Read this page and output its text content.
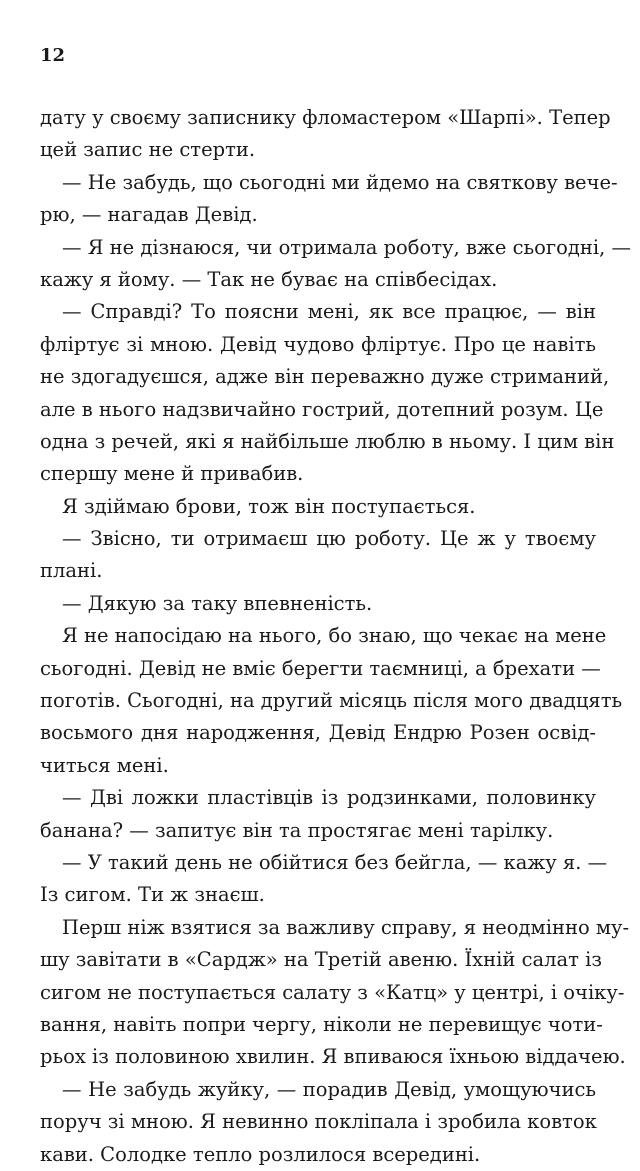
12
дату у своєму записнику фломастером «Шарпі». Тепер
цей запис не стерти.
— Не забудь, що сьогодні ми йдемо на святкову вече-
рю, — нагадав Девід.
— Я не дізнаюся, чи отримала роботу, вже сьогодні, —
кажу я йому. — Так не буває на співбесідах.
— Справді? То поясни мені, як все працює, — він
фліртує зі мною. Девід чудово фліртує. Про це навіть
не здогадуєшся, адже він переважно дуже стриманий,
але в нього надзвичайно гострий, дотепний розум. Це
одна з речей, які я найбільше люблю в ньому. І цим він
спершу мене й привабив.
Я здіймаю брови, тож він поступається.
— Звісно, ти отримаєш цю роботу. Це ж у твоєму
плані.
— Дякую за таку впевненість.
Я не напосідаю на нього, бо знаю, що чекає на мене
сьогодні. Девід не вміє берегти таємниці, а брехати —
поготів. Сьогодні, на другий місяць після мого двадцять
восьмого дня народження, Девід Ендрю Розен освід-
читься мені.
— Дві ложки пластівців із родзинками, половинку
банана? — запитує він та простягає мені тарілку.
— У такий день не обійтися без бейгла, — кажу я. —
Із сигом. Ти ж знаєш.
Перш ніж взятися за важливу справу, я неодмінно му-
шу завітати в «Сардж» на Третій авеню. Їхній салат із
сигом не поступається салату з «Катц» у центрі, і очіку-
вання, навіть попри чергу, ніколи не перевищує чоти-
рьох із половиною хвилин. Я впиваюся їхньою віддачею.
— Не забудь жуйку, — порадив Девід, умощуючись
поруч зі мною. Я невинно покліпала і зробила ковток
кави. Солодке тепло розлилося всередині.
